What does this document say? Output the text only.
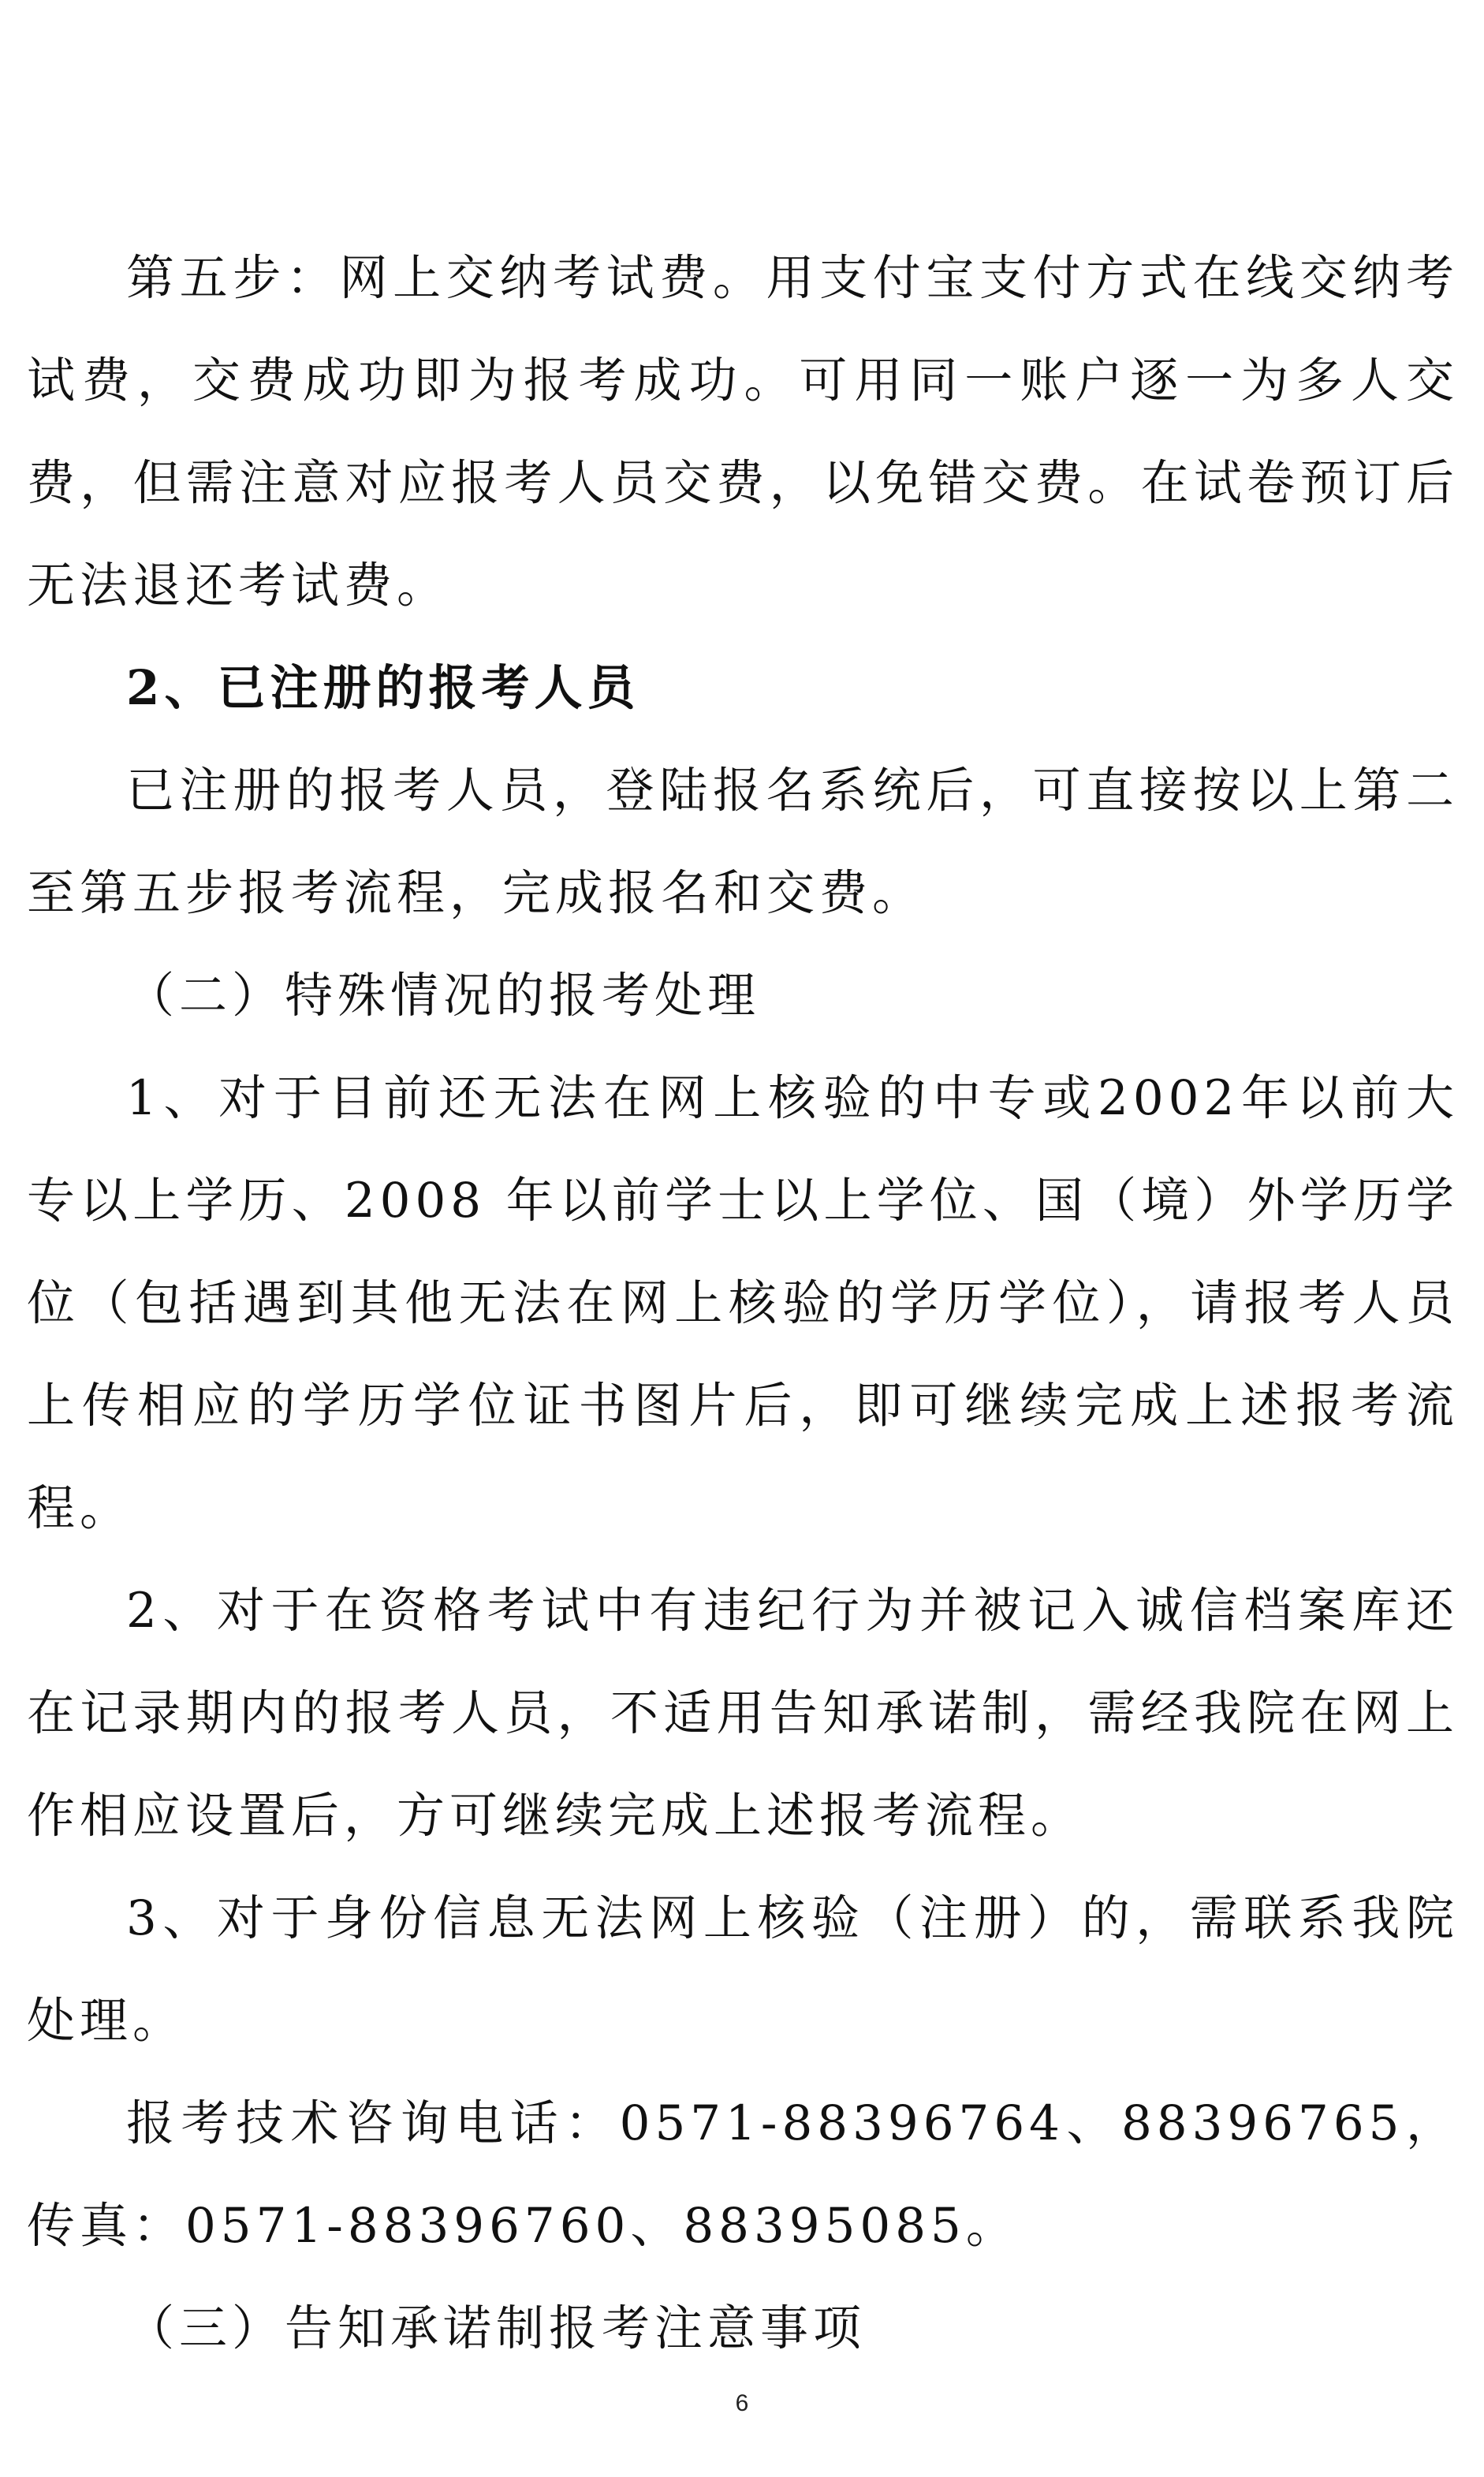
第五步：网上交纳考试费。用支付宝支付方式在线交纳考试费，交费成功即为报考成功。可用同一账户逐一为多人交费，但需注意对应报考人员交费，以免错交费。在试卷预订后无法退还考试费。

2、已注册的报考人员

已注册的报考人员，登陆报名系统后，可直接按以上第二至第五步报考流程，完成报名和交费。

（二）特殊情况的报考处理

1、对于目前还无法在网上核验的中专或2002年以前大专以上学历、2008 年以前学士以上学位、国（境）外学历学位（包括遇到其他无法在网上核验的学历学位），请报考人员上传相应的学历学位证书图片后，即可继续完成上述报考流程。

2、对于在资格考试中有违纪行为并被记入诚信档案库还在记录期内的报考人员，不适用告知承诺制，需经我院在网上作相应设置后，方可继续完成上述报考流程。

3、对于身份信息无法网上核验（注册）的，需联系我院处理。

报考技术咨询电话：0571-88396764、88396765，传真：0571-88396760、88395085。

（三）告知承诺制报考注意事项

6
